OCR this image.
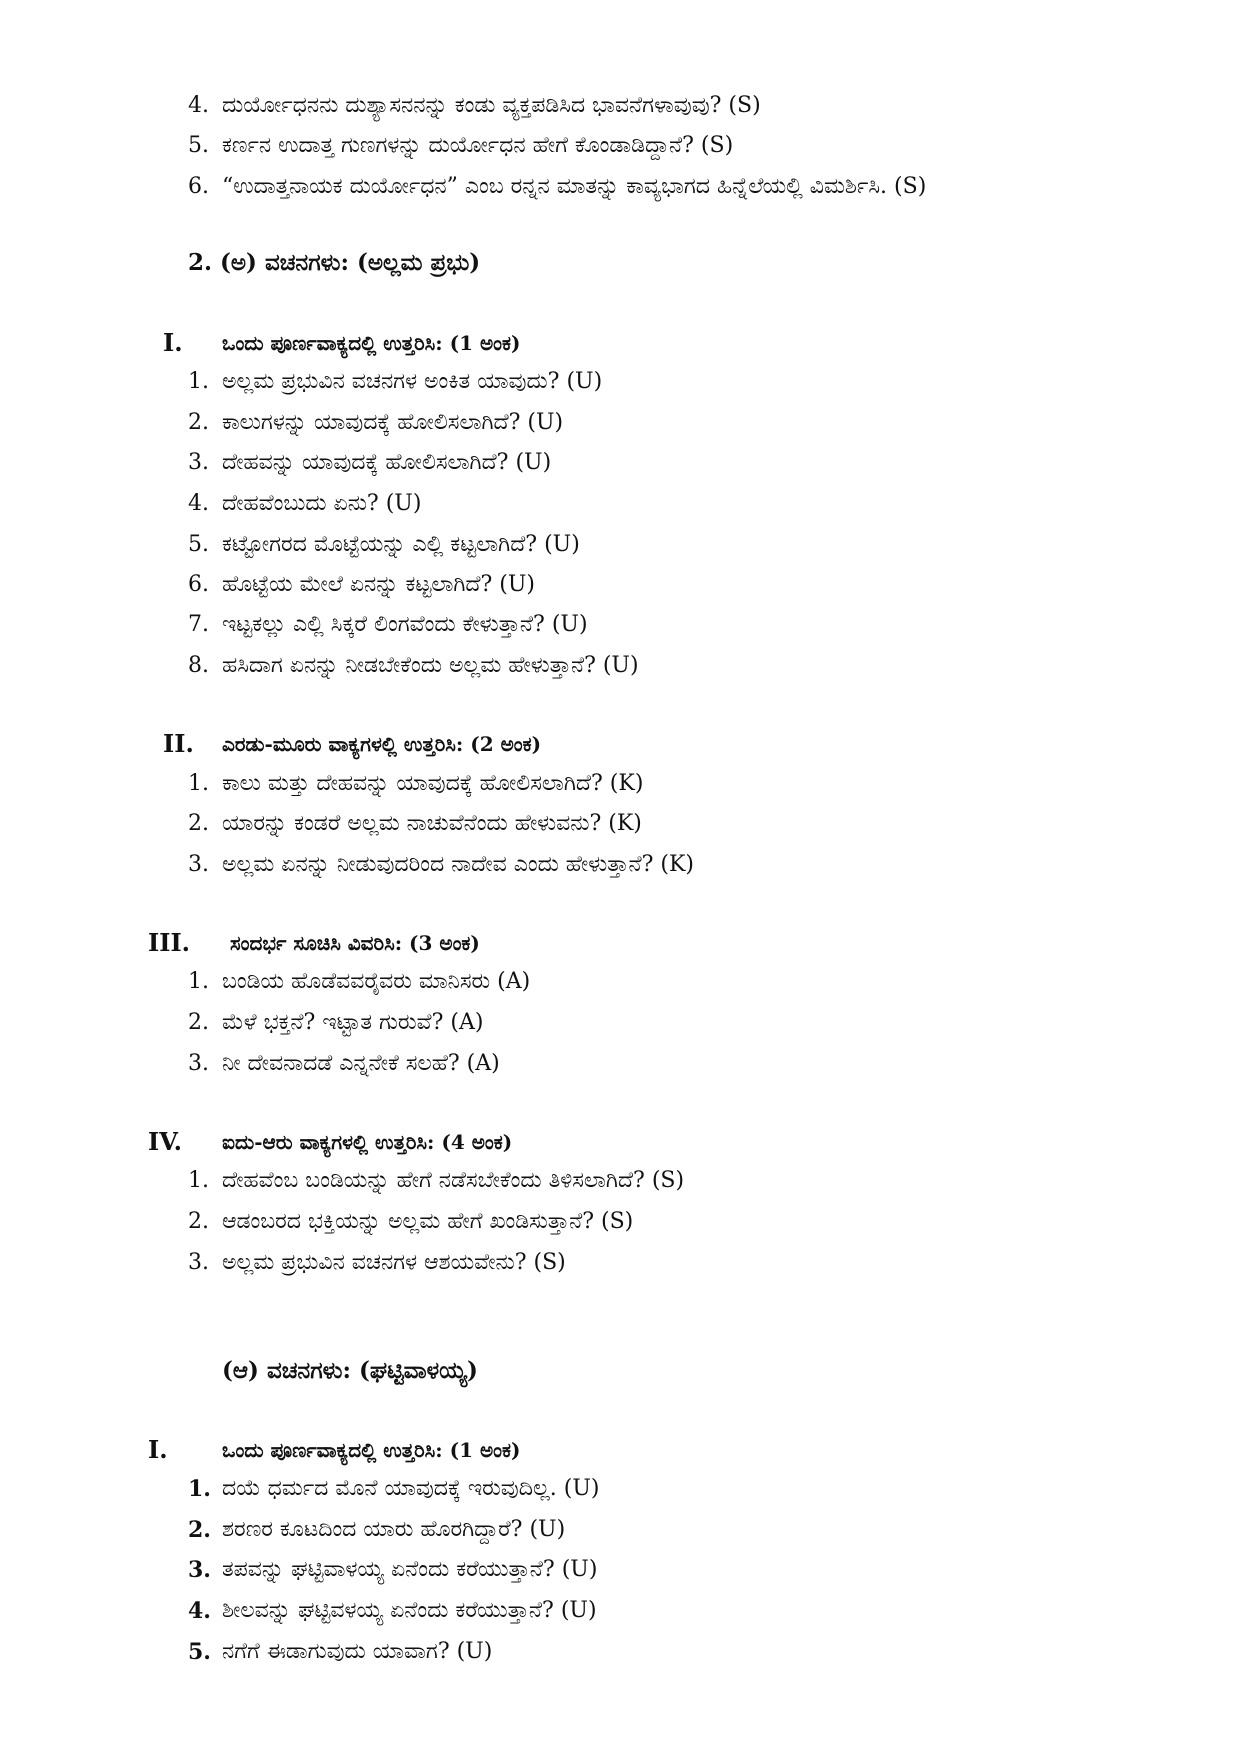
4. ದುರ್ಯೋಧನನು ದುಶ್ಯಾಸನನನ್ನು ಕಂಡು ವ್ಯಕ್ತಪಡಿಸಿದ ಭಾವನೆಗಳಾವುವು? (S)
5. ಕರ್ಣನ ಉದಾತ್ತ ಗುಣಗಳನ್ನು ದುರ್ಯೋಧನ ಹೇಗೆ ಕೊಂಡಾಡಿದ್ದಾನೆ? (S)
6. “ಉದಾತ್ತನಾಯಕ ದುರ್ಯೋಧನ” ಎಂಬ ರನ್ನನ ಮಾತನ್ನು ಕಾವ್ಯಭಾಗದ ಹಿನ್ನೆಲೆಯಲ್ಲಿ ವಿಮರ್ಶಿಸಿ. (S)
2. (ಅ) ವಚನಗಳು: (ಅಲ್ಲಮ ಪ್ರಭು)
I. ಒಂದು ಪೂರ್ಣವಾಕ್ಯದಲ್ಲಿ ಉತ್ತರಿಸಿ: (1 ಅಂಕ)
1. ಅಲ್ಲಮ ಪ್ರಭುವಿನ ವಚನಗಳ ಅಂಕಿತ ಯಾವುದು? (U)
2. ಕಾಲುಗಳನ್ನು ಯಾವುದಕ್ಕೆ ಹೋಲಿಸಲಾಗಿದೆ? (U)
3. ದೇಹವನ್ನು ಯಾವುದಕ್ಕೆ ಹೋಲಿಸಲಾಗಿದೆ? (U)
4. ದೇಹವೆಂಬುದು ಏನು? (U)
5. ಕಟ್ಟೋಗರದ ಮೊಟ್ಟೆಯನ್ನು ಎಲ್ಲಿ ಕಟ್ಟಲಾಗಿದೆ? (U)
6. ಹೊಟ್ಟೆಯ ಮೇಲೆ ಏನನ್ನು ಕಟ್ಟಲಾಗಿದೆ? (U)
7. ಇಟ್ಟಕಲ್ಲು ಎಲ್ಲಿ ಸಿಕ್ಕರೆ ಲಿಂಗವೆಂದು ಕೇಳುತ್ತಾನೆ? (U)
8. ಹಸಿದಾಗ ಏನನ್ನು ನೀಡಬೇಕೆಂದು ಅಲ್ಲಮ ಹೇಳುತ್ತಾನೆ? (U)
II. ಎರಡು-ಮೂರು ವಾಕ್ಯಗಳಲ್ಲಿ ಉತ್ತರಿಸಿ: (2 ಅಂಕ)
1. ಕಾಲು ಮತ್ತು ದೇಹವನ್ನು ಯಾವುದಕ್ಕೆ ಹೋಲಿಸಲಾಗಿದೆ? (K)
2. ಯಾರನ್ನು ಕಂಡರೆ ಅಲ್ಲಮ ನಾಚುವೆನೆಂದು ಹೇಳುವನು? (K)
3. ಅಲ್ಲಮ ಏನನ್ನು ನೀಡುವುದರಿಂದ ನಾದೇವ ಎಂದು ಹೇಳುತ್ತಾನೆ? (K)
III. ಸಂದರ್ಭ ಸೂಚಿಸಿ ವಿವರಿಸಿ: (3 ಅಂಕ)
1. ಬಂಡಿಯ ಹೊಡೆವವರೈವರು ಮಾನಿಸರು (A)
2. ಮೆಳೆ ಭಕ್ತನೆ? ಇಟ್ಟಾತ ಗುರುವೆ? (A)
3. ನೀ ದೇವನಾದಡೆ ಎನ್ನನೇಕೆ ಸಲಹೆ? (A)
IV. ಐದು-ಆರು ವಾಕ್ಯಗಳಲ್ಲಿ ಉತ್ತರಿಸಿ: (4 ಅಂಕ)
1. ದೇಹವೆಂಬ ಬಂಡಿಯನ್ನು ಹೇಗೆ ನಡೆಸಬೇಕೆಂದು ತಿಳಿಸಲಾಗಿದೆ? (S)
2. ಆಡಂಬರದ ಭಕ್ತಿಯನ್ನು ಅಲ್ಲಮ ಹೇಗೆ ಖಂಡಿಸುತ್ತಾನೆ? (S)
3. ಅಲ್ಲಮ ಪ್ರಭುವಿನ ವಚನಗಳ ಆಶಯವೇನು? (S)
(ಆ) ವಚನಗಳು: (ಘಟ್ಟಿವಾಳಯ್ಯ)
I.	ಒಂದು ಪೂರ್ಣವಾಕ್ಯದಲ್ಲಿ ಉತ್ತರಿಸಿ: (1 ಅಂಕ)
1. ದಯೆ ಧರ್ಮದ ಮೊನೆ ಯಾವುದಕ್ಕೆ ಇರುವುದಿಲ್ಲ. (U)
2. ಶರಣರ ಕೂಟದಿಂದ ಯಾರು ಹೊರಗಿದ್ದಾರೆ? (U)
3. ತಪವನ್ನು ಘಟ್ಟಿವಾಳಯ್ಯ ಏನೆಂದು ಕರೆಯುತ್ತಾನೆ? (U)
4. ಶೀಲವನ್ನು ಘಟ್ಟಿವಳಯ್ಯ ಏನೆಂದು ಕರೆಯುತ್ತಾನೆ? (U)
5. ನಗೆಗೆ ಈಡಾಗುವುದು ಯಾವಾಗ? (U)
